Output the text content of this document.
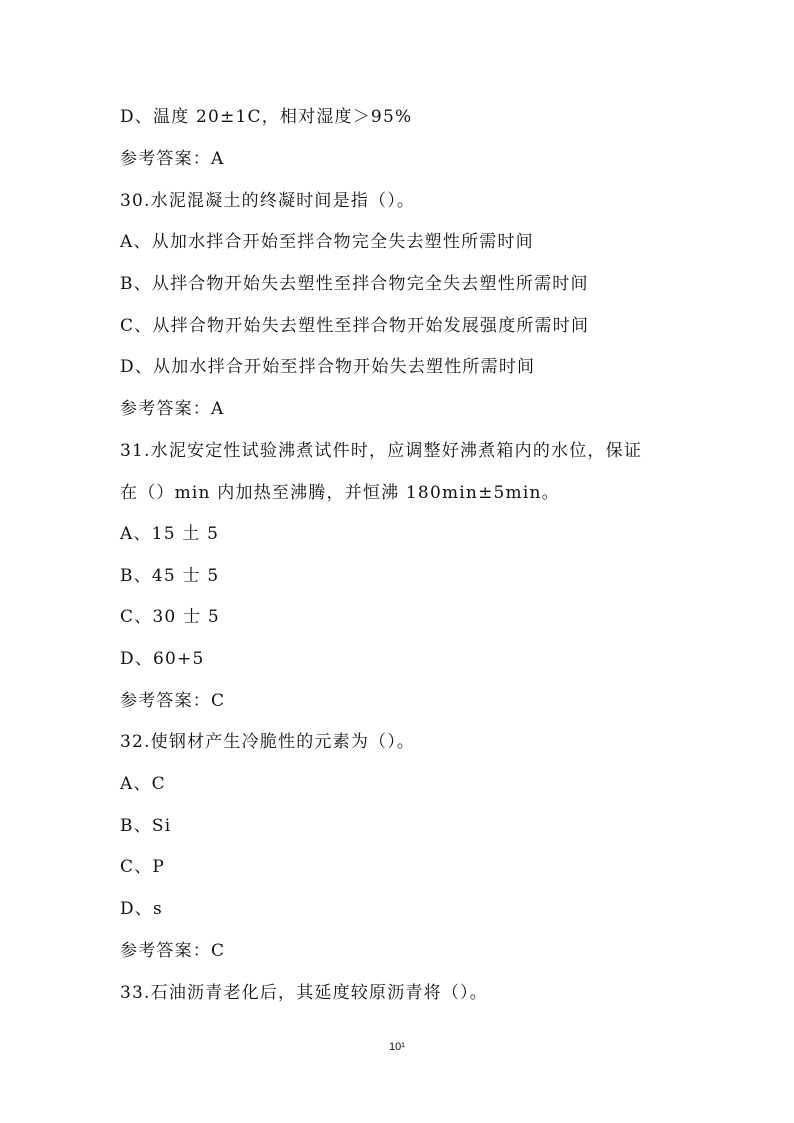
D、温度 20±1C，相对湿度＞95%
参考答案：A
30.水泥混凝土的终凝时间是指（）。
A、从加水拌合开始至拌合物完全失去塑性所需时间
B、从拌合物开始失去塑性至拌合物完全失去塑性所需时间
C、从拌合物开始失去塑性至拌合物开始发展强度所需时间
D、从加水拌合开始至拌合物开始失去塑性所需时间
参考答案：A
31.水泥安定性试验沸煮试件时，应调整好沸煮箱内的水位，保证
在（）min 内加热至沸腾，并恒沸 180min±5min。
A、15 土 5
B、45 士 5
C、30 士 5
D、60+5
参考答案：C
32.使钢材产生冷脆性的元素为（）。
A、C
B、Si
C、P
D、s
参考答案：C
33.石油沥青老化后，其延度较原沥青将（）。
10¹
